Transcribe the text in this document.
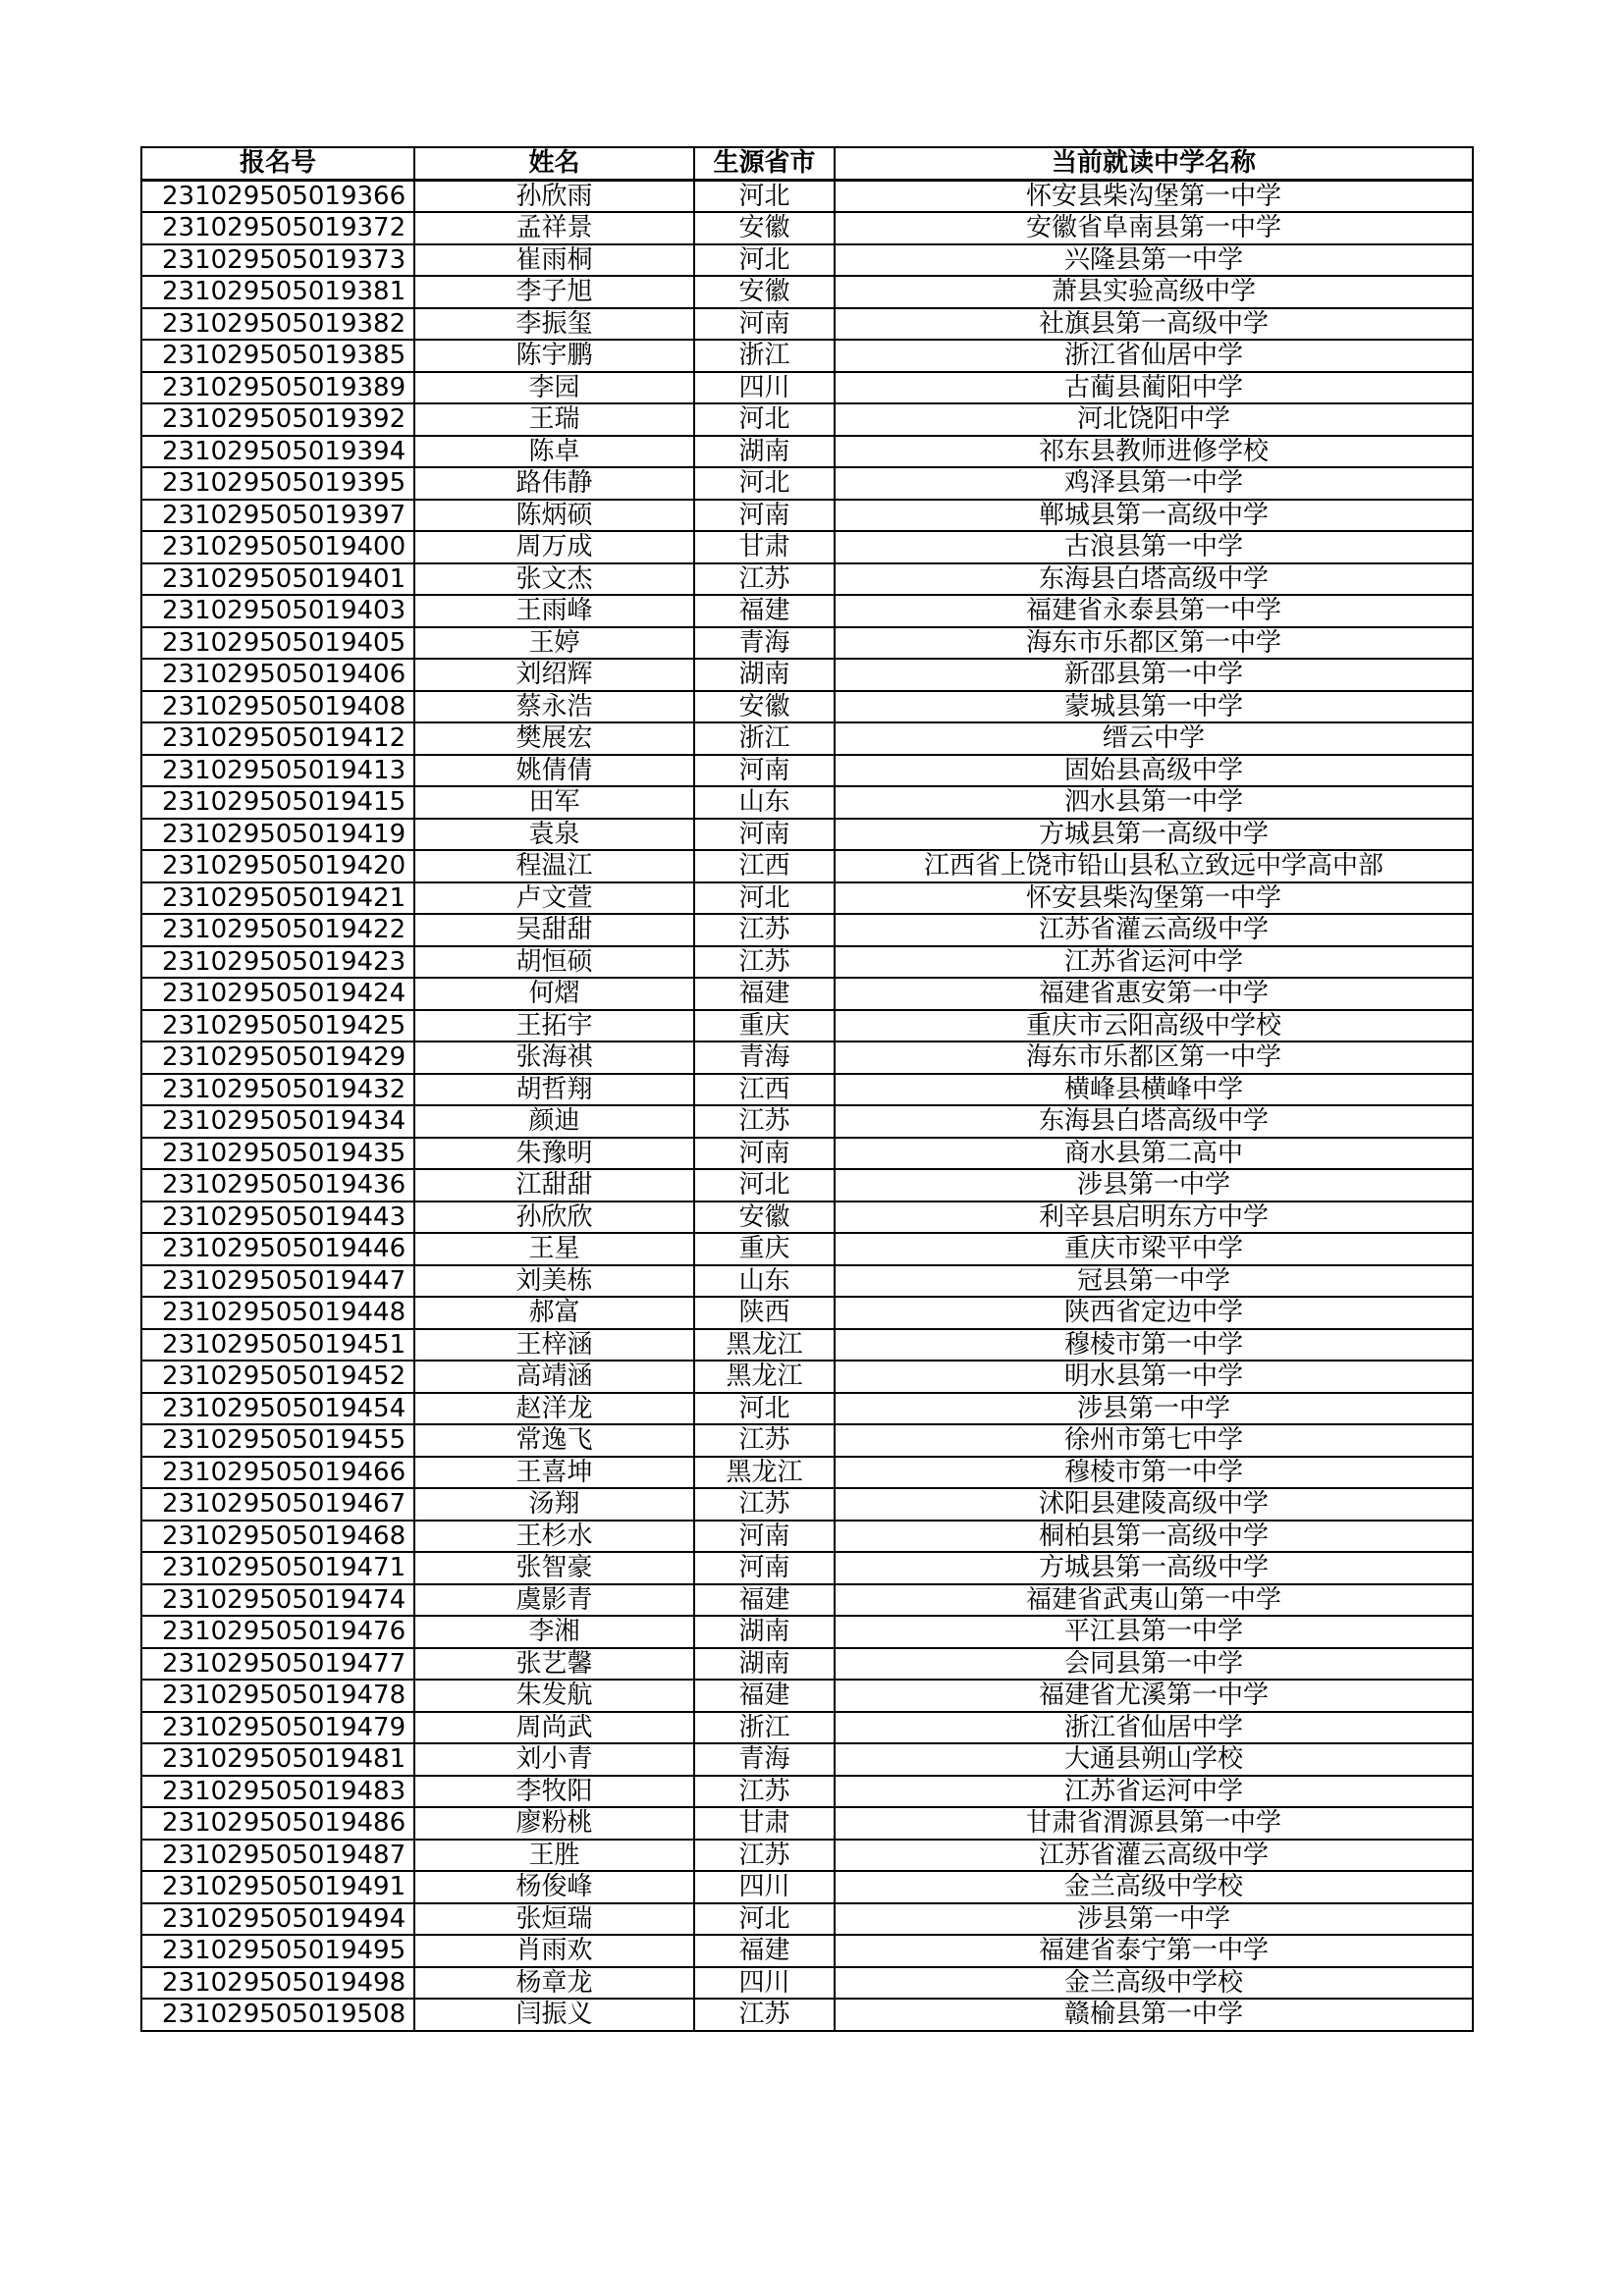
报名号	姓名	生源省市	当前就读中学名称
231029505019366	孙欣雨	河北	怀安县柴沟堡第一中学
231029505019372	孟祥景	安徽	安徽省阜南县第一中学
231029505019373	崔雨桐	河北	兴隆县第一中学
231029505019381	李子旭	安徽	萧县实验高级中学
231029505019382	李振玺	河南	社旗县第一高级中学
231029505019385	陈宇鹏	浙江	浙江省仙居中学
231029505019389	李园	四川	古蔺县蔺阳中学
231029505019392	王瑞	河北	河北饶阳中学
231029505019394	陈卓	湖南	祁东县教师进修学校
231029505019395	路伟静	河北	鸡泽县第一中学
231029505019397	陈炳硕	河南	郸城县第一高级中学
231029505019400	周万成	甘肃	古浪县第一中学
231029505019401	张文杰	江苏	东海县白塔高级中学
231029505019403	王雨峰	福建	福建省永泰县第一中学
231029505019405	王婷	青海	海东市乐都区第一中学
231029505019406	刘绍辉	湖南	新邵县第一中学
231029505019408	蔡永浩	安徽	蒙城县第一中学
231029505019412	樊展宏	浙江	缙云中学
231029505019413	姚倩倩	河南	固始县高级中学
231029505019415	田军	山东	泗水县第一中学
231029505019419	袁泉	河南	方城县第一高级中学
231029505019420	程温江	江西	江西省上饶市铅山县私立致远中学高中部
231029505019421	卢文萱	河北	怀安县柴沟堡第一中学
231029505019422	吴甜甜	江苏	江苏省灌云高级中学
231029505019423	胡恒硕	江苏	江苏省运河中学
231029505019424	何熠	福建	福建省惠安第一中学
231029505019425	王拓宇	重庆	重庆市云阳高级中学校
231029505019429	张海祺	青海	海东市乐都区第一中学
231029505019432	胡哲翔	江西	横峰县横峰中学
231029505019434	颜迪	江苏	东海县白塔高级中学
231029505019435	朱豫明	河南	商水县第二高中
231029505019436	江甜甜	河北	涉县第一中学
231029505019443	孙欣欣	安徽	利辛县启明东方中学
231029505019446	王星	重庆	重庆市梁平中学
231029505019447	刘美栋	山东	冠县第一中学
231029505019448	郝富	陕西	陕西省定边中学
231029505019451	王梓涵	黑龙江	穆棱市第一中学
231029505019452	高靖涵	黑龙江	明水县第一中学
231029505019454	赵洋龙	河北	涉县第一中学
231029505019455	常逸飞	江苏	徐州市第七中学
231029505019466	王喜坤	黑龙江	穆棱市第一中学
231029505019467	汤翔	江苏	沭阳县建陵高级中学
231029505019468	王杉水	河南	桐柏县第一高级中学
231029505019471	张智豪	河南	方城县第一高级中学
231029505019474	虞影青	福建	福建省武夷山第一中学
231029505019476	李湘	湖南	平江县第一中学
231029505019477	张艺馨	湖南	会同县第一中学
231029505019478	朱发航	福建	福建省尤溪第一中学
231029505019479	周尚武	浙江	浙江省仙居中学
231029505019481	刘小青	青海	大通县朔山学校
231029505019483	李牧阳	江苏	江苏省运河中学
231029505019486	廖粉桃	甘肃	甘肃省渭源县第一中学
231029505019487	王胜	江苏	江苏省灌云高级中学
231029505019491	杨俊峰	四川	金兰高级中学校
231029505019494	张烜瑞	河北	涉县第一中学
231029505019495	肖雨欢	福建	福建省泰宁第一中学
231029505019498	杨章龙	四川	金兰高级中学校
231029505019508	闫振义	江苏	赣榆县第一中学
